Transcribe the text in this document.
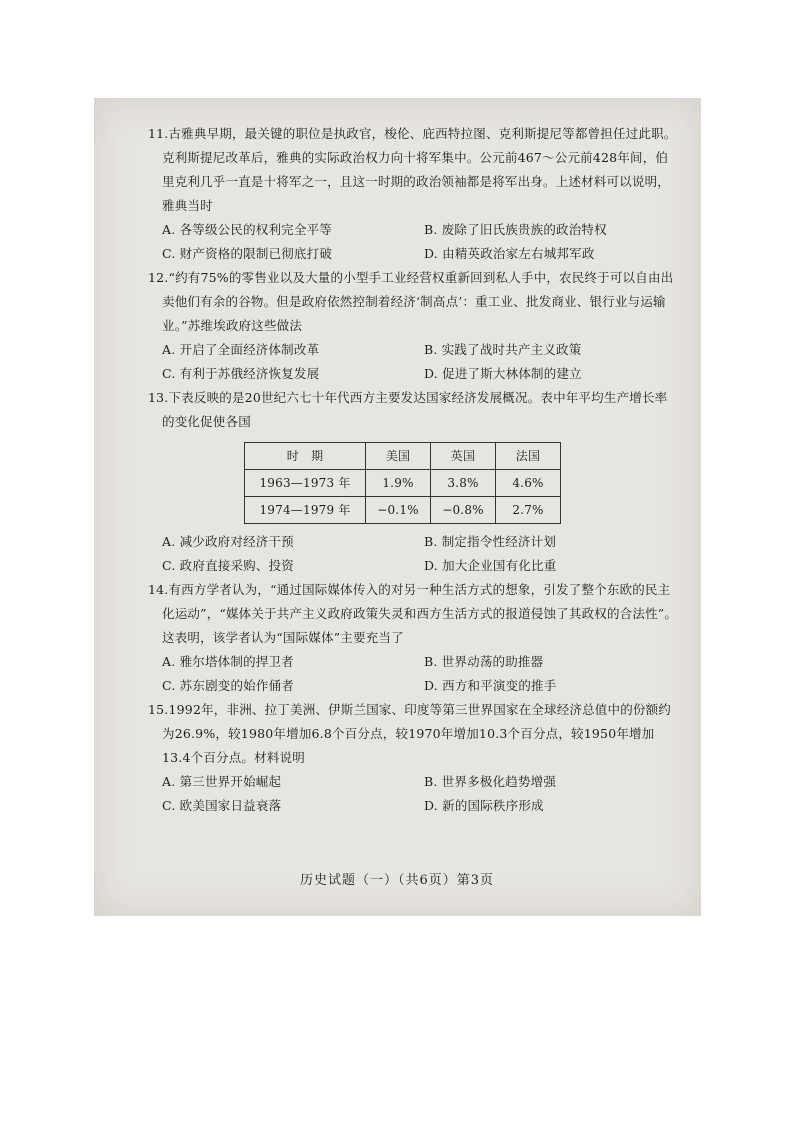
11.古雅典早期，最关键的职位是执政官，梭伦、庇西特拉图、克利斯提尼等都曾担任过此职。克利斯提尼改革后，雅典的实际政治权力向十将军集中。公元前467～公元前428年间，伯里克利几乎一直是十将军之一，且这一时期的政治领袖都是将军出身。上述材料可以说明，雅典当时

A. 各等级公民的权利完全平等	B. 废除了旧氏族贵族的政治特权
C. 财产资格的限制已彻底打破	D. 由精英政治家左右城邦军政

12.“约有75%的零售业以及大量的小型手工业经营权重新回到私人手中，农民终于可以自由出卖他们有余的谷物。但是政府依然控制着经济‘制高点’：重工业、批发商业、银行业与运输业。”苏维埃政府这些做法

A. 开启了全面经济体制改革	B. 实践了战时共产主义政策
C. 有利于苏俄经济恢复发展	D. 促进了斯大林体制的建立

13.下表反映的是20世纪六七十年代西方主要发达国家经济发展概况。表中年平均生产增长率的变化促使各国

时　期	美国	英国	法国
1963—1973 年	1.9%	3.8%	4.6%
1974—1979 年	−0.1%	−0.8%	2.7%
A. 减少政府对经济干预	B. 制定指令性经济计划
C. 政府直接采购、投资	D. 加大企业国有化比重

14.有西方学者认为，“通过国际媒体传入的对另一种生活方式的想象，引发了整个东欧的民主化运动”，“媒体关于共产主义政府政策失灵和西方生活方式的报道侵蚀了其政权的合法性”。这表明，该学者认为“国际媒体”主要充当了

A. 雅尔塔体制的捍卫者	B. 世界动荡的助推器
C. 苏东剧变的始作俑者	D. 西方和平演变的推手

15.1992年，非洲、拉丁美洲、伊斯兰国家、印度等第三世界国家在全球经济总值中的份额约为26.9%，较1980年增加6.8个百分点，较1970年增加10.3个百分点，较1950年增加13.4个百分点。材料说明

A. 第三世界开始崛起	B. 世界多极化趋势增强
C. 欧美国家日益衰落	D. 新的国际秩序形成
历史试题（一）（共6页）第3页
